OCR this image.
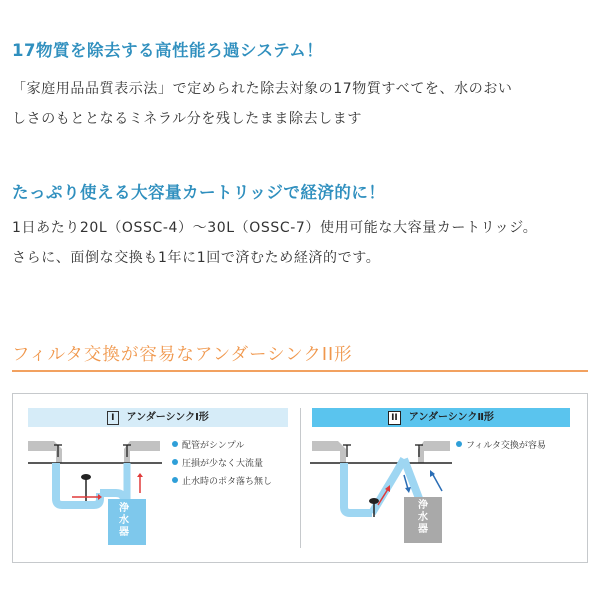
17物質を除去する高性能ろ過システム！
「家庭用品品質表示法」で定められた除去対象の17物質すべてを、水のおい
しさのもととなるミネラル分を残したまま除去します
たっぷり使える大容量カートリッジで経済的に！
1日あたり20L（OSSC-4）〜30L（OSSC-7）使用可能な大容量カートリッジ。
さらに、面倒な交換も1年に1回で済むため経済的です。
フィルタ交換が容易なアンダーシンクII形
I アンダーシンクⅠ形	II アンダーシンクⅡ形
浄
水
器
配管がシンプル
圧損が少なく大流量
止水時のポタ落ち無し
浄
水
器
フィルタ交換が容易
